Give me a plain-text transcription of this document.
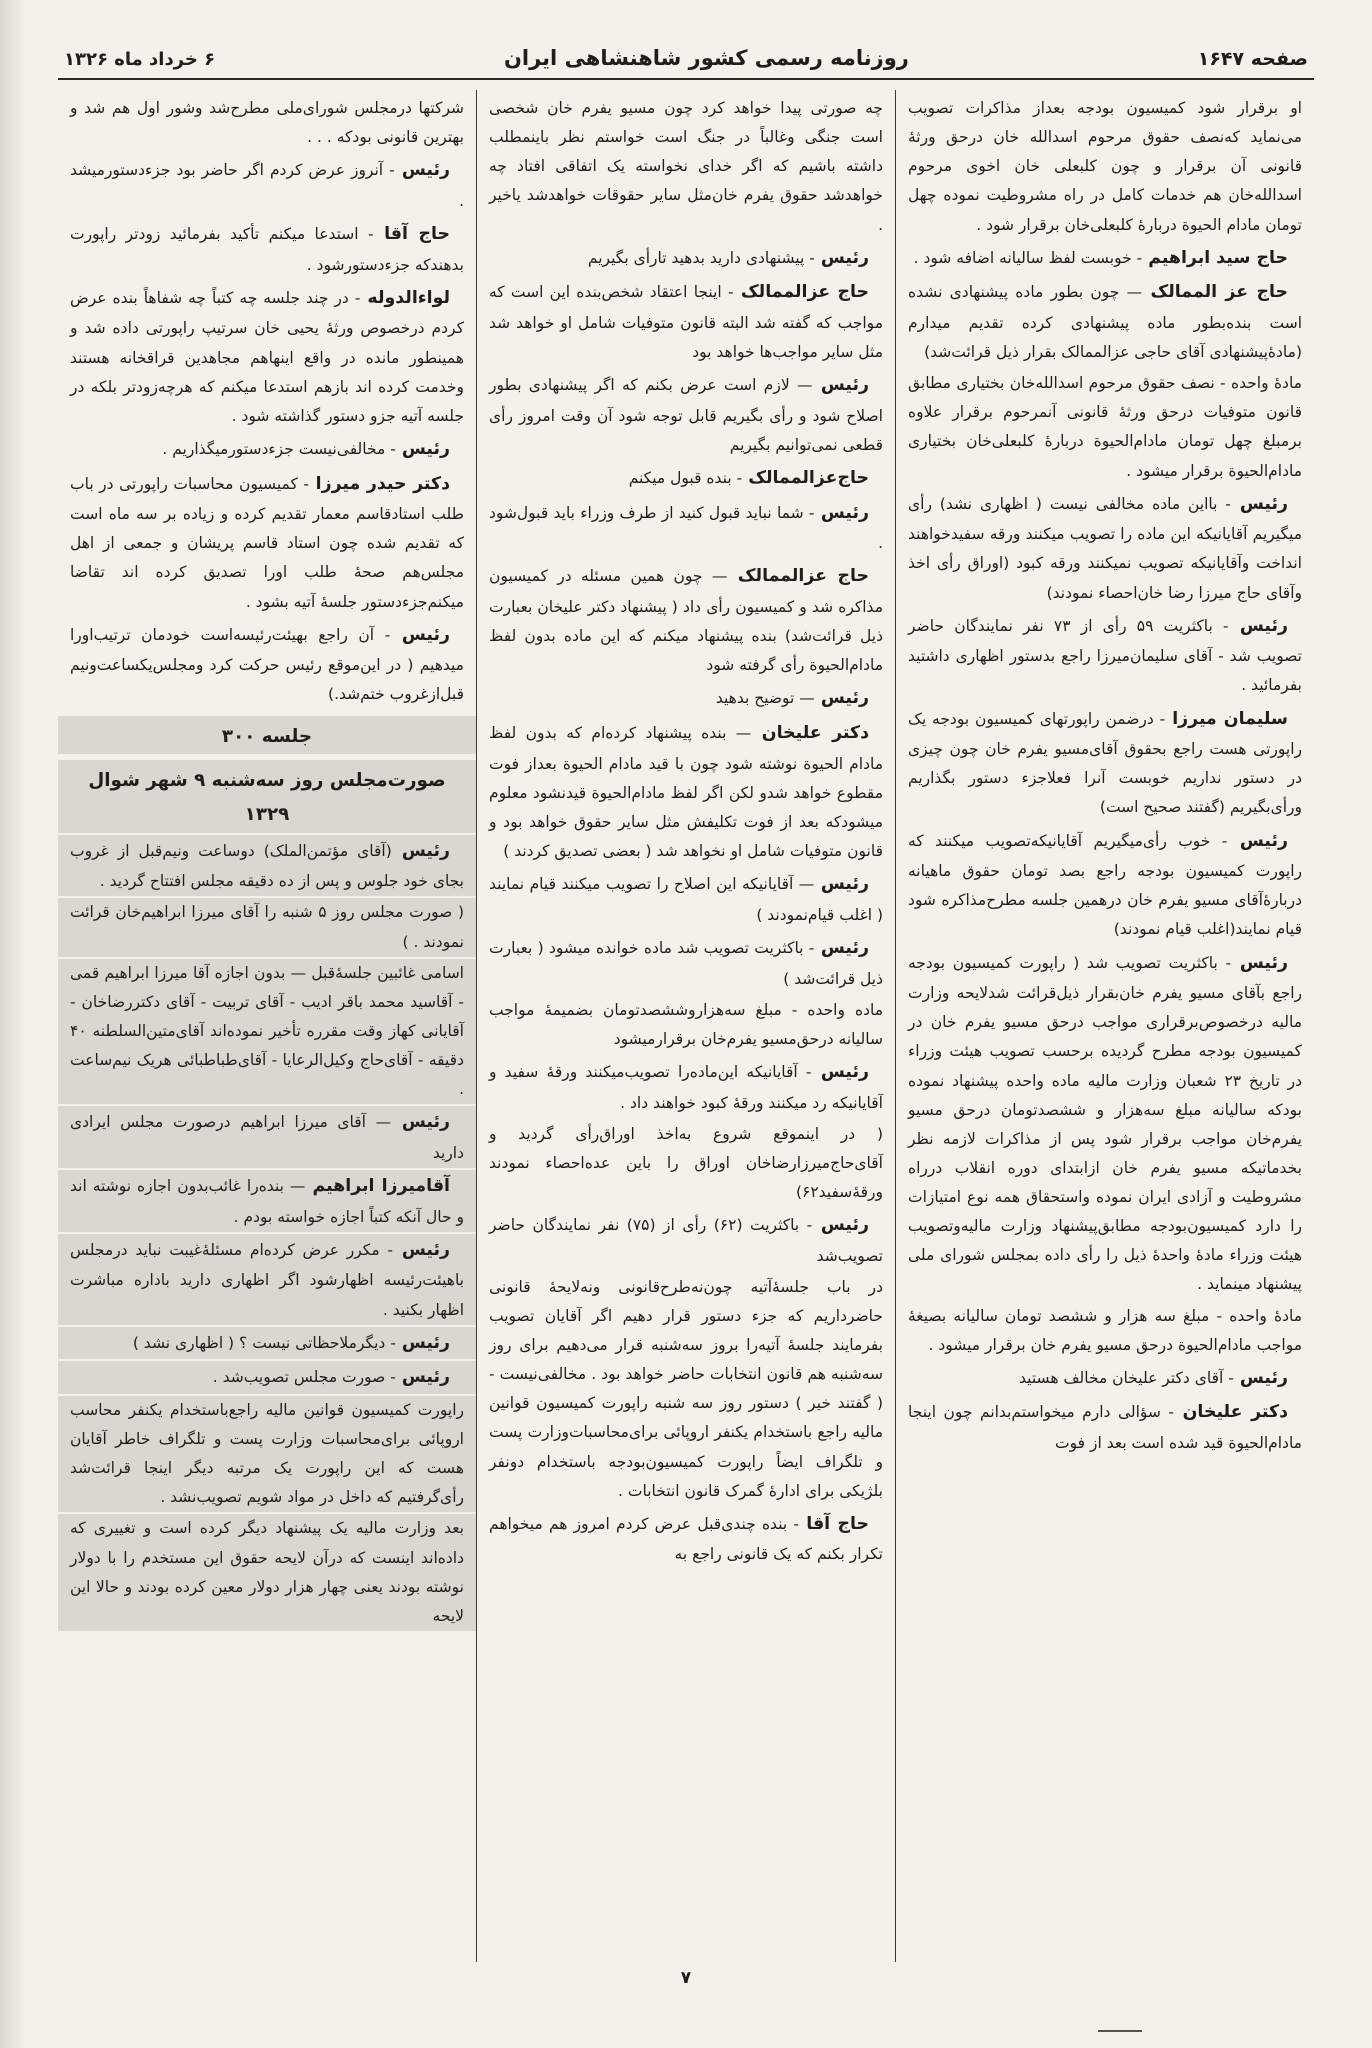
صفحه ۱۶۴۷
روزنامه رسمی کشور شاهنشاهی ایران
۶ خرداد ماه ۱۳۲۶

او برقرار شود کمیسیون بودجه بعداز مذاکرات تصویب می‌نماید که‌نصف حقوق مرحوم اسدالله خان درحق ورثهٔ قانونی آن برقرار و چون کلبعلی خان اخوی مرحوم اسدالله‌خان هم خدمات کامل در راه مشروطیت نموده چهل تومان مادام الحیوة دربارهٔ کلبعلی‌خان برقرار شود .

حاج سید ابراهیم - خوبست لفظ سالیانه اضافه شود .

حاج عز الممالک — چون بطور ماده پیشنهادی نشده است بنده‌بطور ماده پیشنهادی کرده تقدیم میدارم (مادهٔ‌پیشنهادی آقای حاجی عزالممالک بقرار ذیل قرائت‌شد)

مادهٔ واحده - نصف حقوق مرحوم اسدالله‌خان بختیاری مطابق قانون متوفیات درحق ورثهٔ قانونی آنمرحوم برقرار علاوه برمبلغ چهل تومان مادام‌الحیوة دربارهٔ کلبعلی‌خان بختیاری مادام‌الحیوة برقرار میشود .

رئیس - بااین ماده مخالفی نیست ( اظهاری نشد) رأی میگیریم آقایانیکه این ماده را تصویب میکنند ورقه سفیدخواهند انداخت وآقایانیکه تصویب نمیکنند ورقه کبود (اوراق رأی اخذ وآقای حاج میرزا رضا خان‌احصاء نمودند)

رئیس - باکثریت ۵۹ رأی از ۷۳ نفر نمایندگان حاضر تصویب شد - آقای سلیمان‌میرزا راجع بدستور اظهاری داشتید بفرمائید .

سلیمان میرزا - درضمن راپورتهای کمیسیون بودجه یک راپورتی هست راجع بحقوق آقای‌مسیو یفرم خان چون چیزی در دستور نداریم خوبست آنرا فعلاجزء دستور بگذاریم ورأی‌بگیریم (گفتند صحیح است)

رئیس - خوب رأی‌میگیریم آقایانیکه‌تصویب میکنند که راپورت کمیسیون بودجه راجع بصد تومان حقوق ماهیانه دربارهٔ‌آقای مسیو یفرم خان درهمین جلسه مطرح‌مذاکره شود قیام نمایند(اغلب قیام نمودند)

رئیس - باکثریت تصویب شد ( راپورت کمیسیون بودجه راجع بآقای مسیو یفرم خان‌بقرار ذیل‌قرائت شدلایحه وزارت مالیه درخصوص‌برقراری مواجب درحق مسیو یفرم خان در کمیسیون بودجه مطرح گردیده برحسب تصویب هیئت وزراء در تاریخ ۲۳ شعبان وزارت مالیه ماده واحده پیشنهاد نموده بودکه سالیانه مبلغ سه‌هزار و ششصدتومان درحق مسیو یفرم‌خان مواجب برقرار شود پس از مذاکرات لازمه نظر بخدماتیکه مسیو یفرم خان ازابتدای دوره انقلاب درراه مشروطیت و آزادی ایران نموده واستحقاق همه نوع امتیازات را دارد کمیسیون‌بودجه مطابق‌پیشنهاد وزارت مالیه‌وتصویب هیئت وزراء مادهٔ واحدهٔ ذیل را رأی داده بمجلس شورای ملی پیشنهاد مینماید .

مادهٔ واحده - مبلغ سه هزار و ششصد تومان سالیانه بصیغهٔ مواجب مادام‌الحیوة درحق مسیو یفرم خان برقرار میشود .

رئیس - آقای دکتر علیخان مخالف هستید

دکتر علیخان - سؤالی دارم میخواستم‌بدانم چون اینجا مادام‌الحیوة قید شده است بعد از فوت

چه صورتی پیدا خواهد کرد چون مسیو یفرم خان شخصی است جنگی وغالباً در جنگ است خواستم نظر باینمطلب داشته باشیم که اگر خدای نخواسته یک اتفاقی افتاد چه خواهدشد حقوق یفرم خان‌مثل سایر حقوقات خواهدشد یاخیر .

رئیس - پیشنهادی دارید بدهید تارأی بگیریم

حاج عزالممالک - اینجا اعتقاد شخص‌بنده این است که مواجب که گفته شد البته قانون متوفیات شامل او خواهد شد مثل سایر مواجب‌ها خواهد بود

رئیس — لازم است عرض بکنم که اگر پیشنهادی بطور اصلاح شود و رأی بگیریم قابل توجه شود آن وقت امروز رأی قطعی نمی‌توانیم بگیریم

حاج‌عزالممالک - بنده قبول میکنم

رئیس - شما نباید قبول کنید از طرف وزراء باید قبول‌شود .

حاج عزالممالک — چون همین مسئله در کمیسیون مذاکره شد و کمیسیون رأی داد ( پیشنهاد دکتر علیخان بعبارت ذیل قرائت‌شد) بنده پیشنهاد میکنم که این ماده بدون لفظ مادام‌الحیوة رأی گرفته شود

رئیس — توضیح بدهید

دکتر علیخان — بنده پیشنهاد کرده‌ام که بدون لفظ مادام الحیوة نوشته شود چون با قید مادام الحیوة بعداز فوت مقطوع خواهد شدو لکن اگر لفظ مادام‌الحیوة قیدنشود معلوم میشودکه بعد از فوت تکلیفش مثل سایر حقوق خواهد بود و قانون متوفیات شامل او نخواهد شد ( بعضی تصدیق کردند )

رئیس — آقایانیکه این اصلاح را تصویب میکنند قیام نمایند ( اغلب قیام‌نمودند )

رئیس - باکثریت تصویب شد ماده خوانده میشود ( بعبارت ذیل قرائت‌شد )

ماده واحده - مبلغ سه‌هزاروششصدتومان بضمیمهٔ مواجب سالیانه درحق‌مسیو یفرم‌خان برقرارمیشود

رئیس - آقایانیکه این‌ماده‌را تصویب‌میکنند ورقهٔ سفید و آقایانیکه رد میکنند ورقهٔ کبود خواهند داد .

( در اینموقع شروع به‌اخذ اوراق‌رأی گردید و آقای‌حاج‌میرزارضاخان اوراق را باین عده‌احصاء نمودند ورقهٔ‌سفید۶۲)

رئیس - باکثریت (۶۲) رأی از (۷۵) نفر نمایندگان حاضر تصویب‌شد

در باب جلسهٔ‌آتیه چون‌نه‌طرح‌قانونی ونه‌لایحهٔ قانونی حاضرداریم که جزء دستور قرار دهیم اگر آقایان تصویب بفرمایند جلسهٔ آتیه‌را بروز سه‌شنبه قرار می‌دهیم برای روز سه‌شنبه هم قانون انتخابات حاضر خواهد بود . مخالفی‌نیست - ( گفتند خیر ) دستور روز سه شنبه راپورت کمیسیون قوانین مالیه راجع باستخدام یکنفر اروپائی برای‌محاسبات‌وزارت پست و تلگراف ایضاً راپورت کمیسیون‌بودجه باستخدام دونفر بلژیکی برای ادارهٔ گمرک قانون انتخابات .

حاج آقا - بنده چندی‌قبل عرض کردم امروز هم میخواهم تکرار بکنم که یک قانونی راجع به

شرکتها درمجلس شورای‌ملی مطرح‌شد وشور اول هم شد و بهترین قانونی بودکه . . .

رئیس - آنروز عرض کردم اگر حاضر بود جزءدستورمیشد .

حاج آقا - استدعا میکنم تأکید بفرمائید زودتر راپورت بدهندکه جزءدستورشود .

لواءالدوله - در چند جلسه چه کتباً چه شفاهاً بنده عرض کردم درخصوص ورثهٔ یحیی خان سرتیپ راپورتی داده شد و همینطور مانده در واقع اینهاهم مجاهدین قراقخانه هستند وخدمت کرده اند بازهم استدعا میکنم که هرچه‌زودتر بلکه در جلسه آتیه جزو دستور گذاشته شود .

رئیس - مخالفی‌نیست جزءدستورمیگذاریم .

دکتر حیدر میرزا - کمیسیون محاسبات راپورتی در باب طلب استادقاسم معمار تقدیم کرده و زیاده بر سه ماه است که تقدیم شده چون استاد قاسم پریشان و جمعی از اهل مجلس‌هم صحهٔ طلب اورا تصدیق کرده اند تقاضا میکنم‌جزءدستور جلسهٔ آتیه بشود .

رئیس - آن راجع بهیئت‌رئیسه‌است خودمان ترتیب‌اورا میدهیم ( در این‌موقع رئیس حرکت کرد ومجلس‌یکساعت‌ونیم قبل‌ازغروب ختم‌شد.)

جلسه ۳۰۰

صورت‌مجلس روز سه‌شنبه ۹ شهر شوال ۱۳۲۹

رئیس (آقای مؤتمن‌الملک) دوساعت ونیم‌قبل از غروب بجای خود جلوس و پس از ده دقیقه مجلس افتتاح گردید .

( صورت مجلس روز ۵ شنبه را آقای میرزا ابراهیم‌خان قرائت نمودند . )

اسامی غائبین جلسهٔ‌قبل — بدون اجازه آقا میرزا ابراهیم قمی - آقاسید محمد باقر ادیب - آقای تربیت - آقای دکتررضاخان - آقایانی کهاز وقت مقرره تأخیر نموده‌اند آقای‌متین‌السلطنه ۴۰ دقیقه - آقای‌حاج وکیل‌الرعایا - آقای‌طباطبائی هریک نیم‌ساعت .

رئیس — آقای میرزا ابراهیم درصورت مجلس ایرادی دارید

آقامیرزا ابراهیم — بنده‌را غائب‌بدون اجازه نوشته اند و حال آنکه کتباً اجازه خواسته بودم .

رئیس - مکرر عرض کرده‌ام مسئلهٔ‌غیبت نباید درمجلس باهیئت‌رئیسه اظهارشود اگر اظهاری دارید باداره مباشرت اظهار بکنید .

رئیس - دیگرملاحظاتی نیست ؟ ( اظهاری نشد )

رئیس - صورت مجلس تصویب‌شد .

راپورت کمیسیون قوانین مالیه راجع‌باستخدام یکنفر محاسب اروپائی برای‌محاسبات وزارت پست و تلگراف خاطر آقایان هست که این راپورت یک مرتبه دیگر اینجا قرائت‌شد رأی‌گرفتیم که داخل در مواد شویم تصویب‌نشد .

بعد وزارت مالیه یک پیشنهاد دیگر کرده است و تغییری که داده‌اند اینست که درآن لایحه حقوق این مستخدم را با دولار نوشته بودند یعنی چهار هزار دولار معین کرده بودند و حالا این لایحه

۷
